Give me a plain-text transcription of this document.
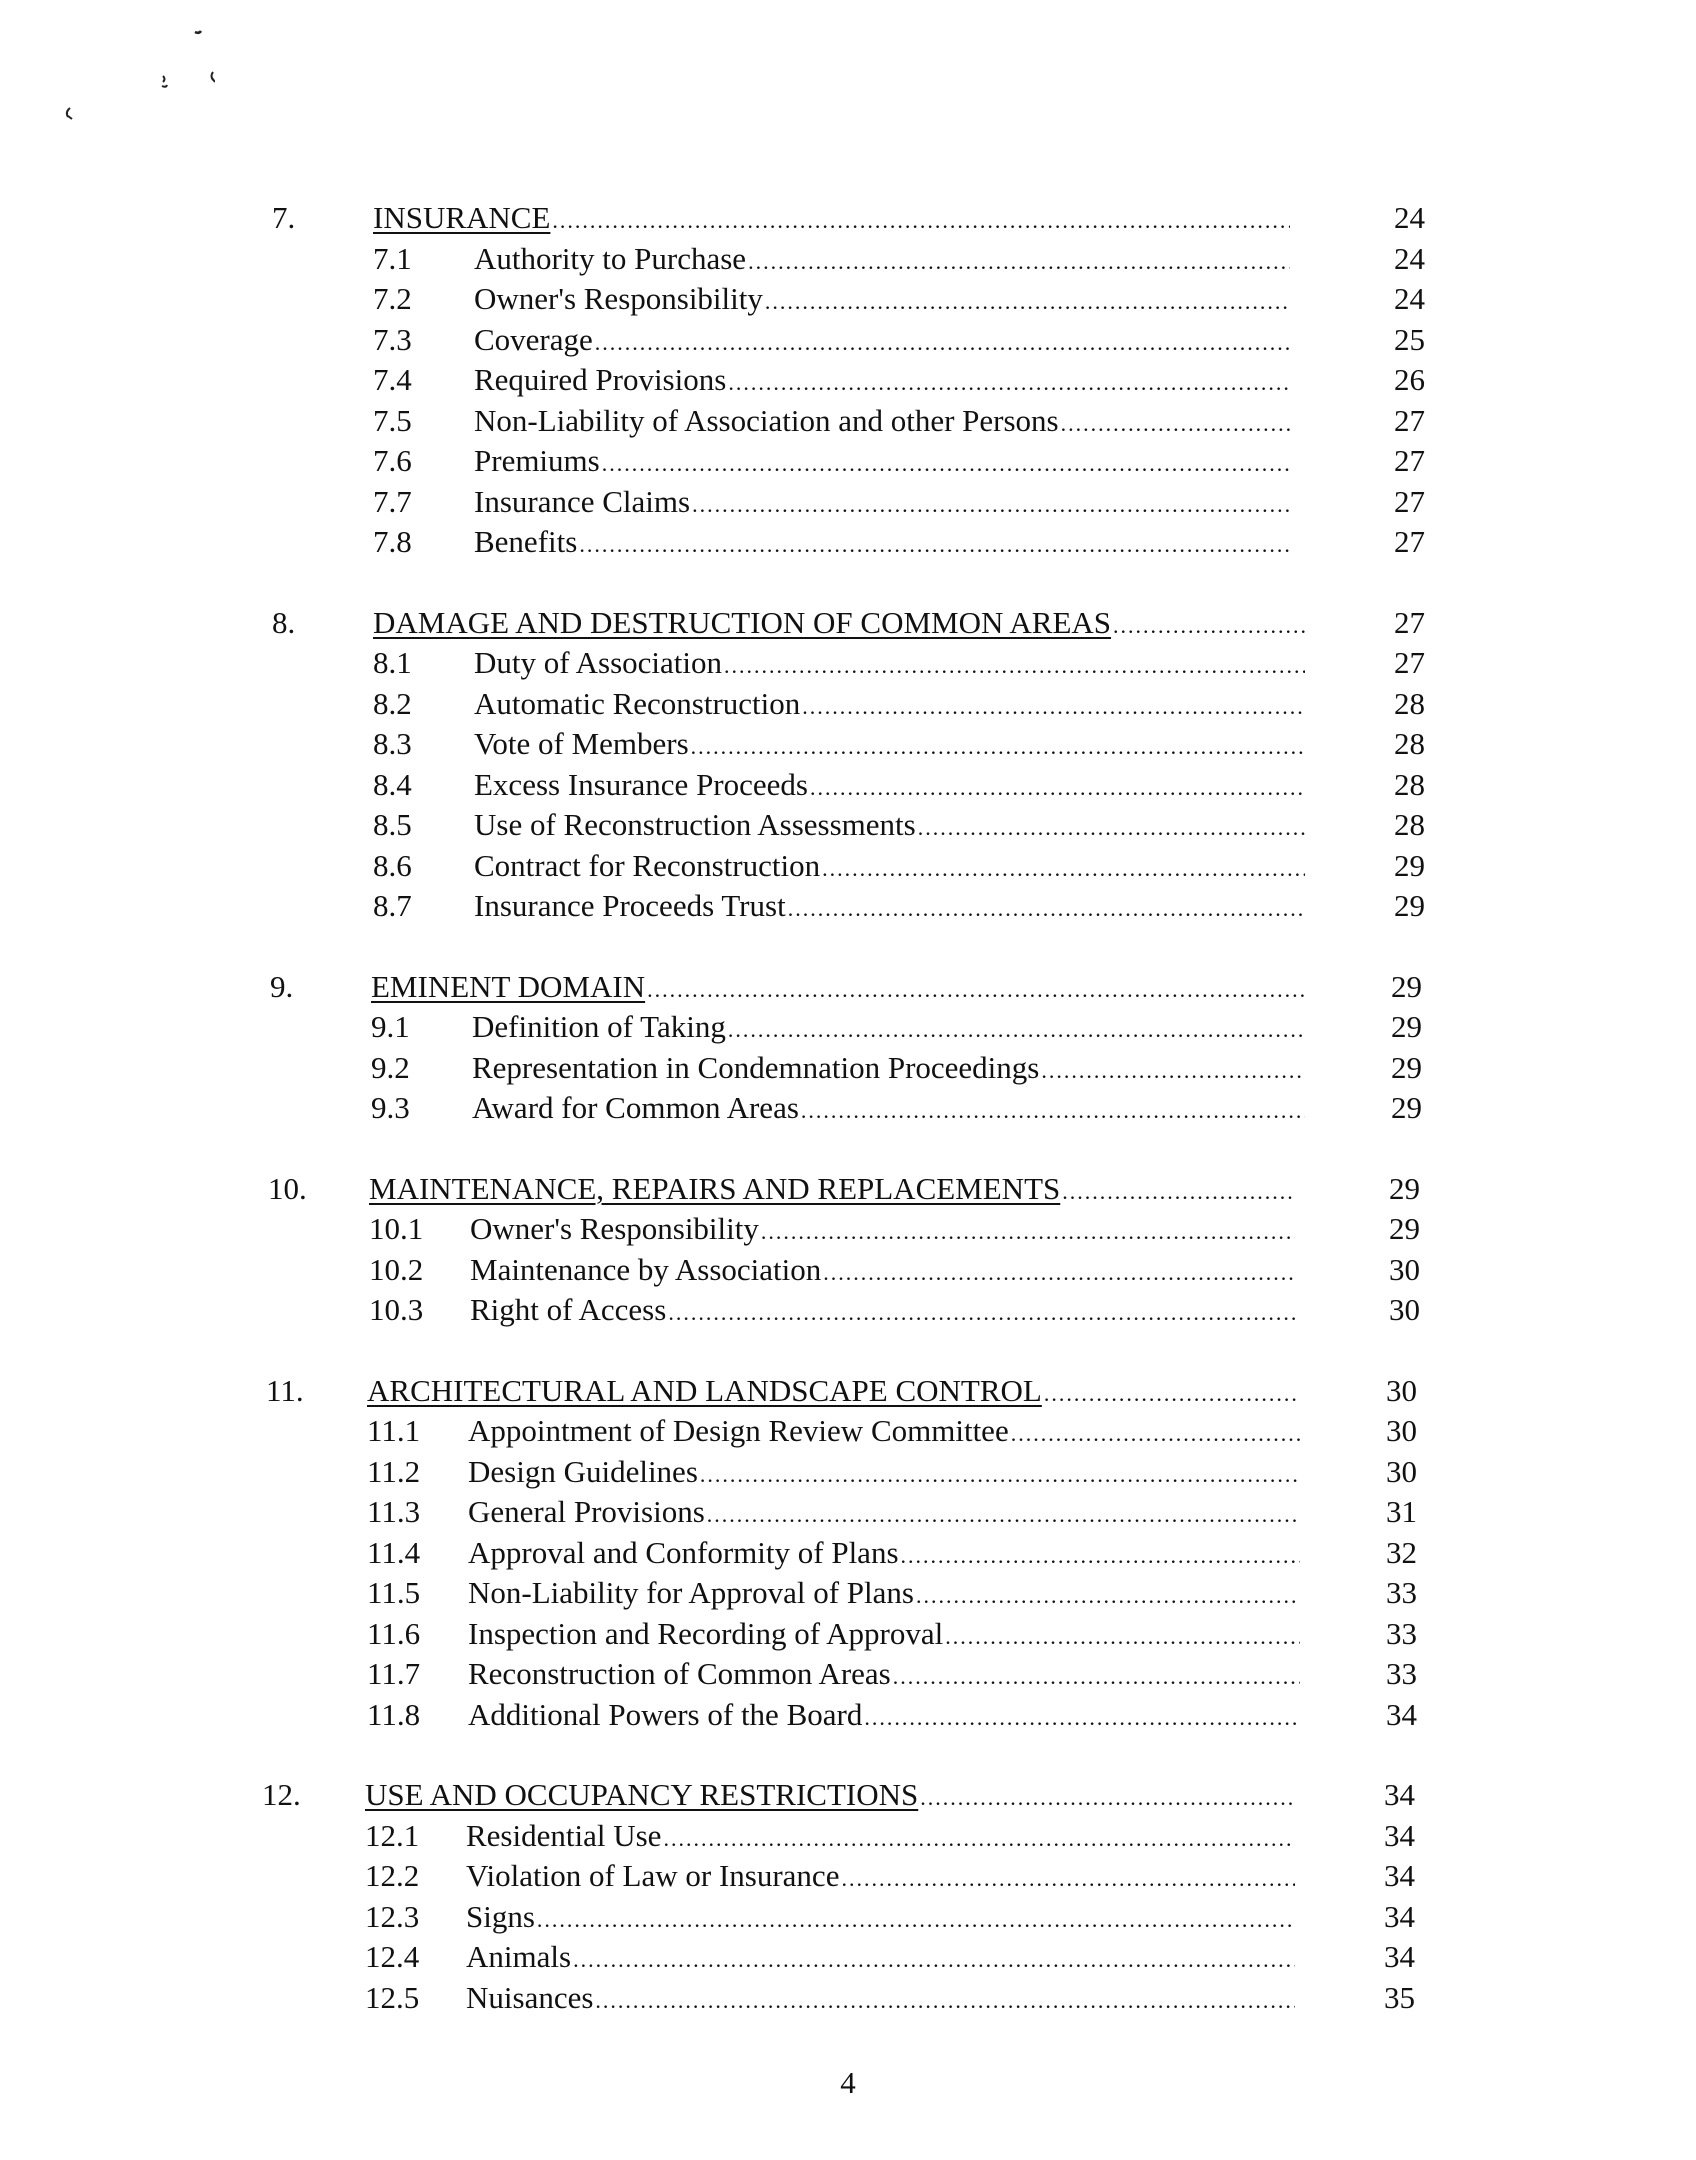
7.	INSURANCE .....	24
7.1 Authority to Purchase .....	24
7.2 Owner's Responsibility .....	24
7.3 Coverage .....	25
7.4 Required Provisions .....	26
7.5 Non-Liability of Association and other Persons .....	27
7.6 Premiums .....	27
7.7 Insurance Claims .....	27
7.8 Benefits .....	27
8.	DAMAGE AND DESTRUCTION OF COMMON AREAS .....	27
8.1 Duty of Association .....	27
8.2 Automatic Reconstruction .....	28
8.3 Vote of Members .....	28
8.4 Excess Insurance Proceeds .....	28
8.5 Use of Reconstruction Assessments .....	28
8.6 Contract for Reconstruction .....	29
8.7 Insurance Proceeds Trust .....	29
9.	EMINENT DOMAIN .....	29
9.1 Definition of Taking .....	29
9.2 Representation in Condemnation Proceedings .....	29
9.3 Award for Common Areas .....	29
10. MAINTENANCE, REPAIRS AND REPLACEMENTS .....	29
10.1 Owner's Responsibility .....	29
10.2 Maintenance by Association .....	30
10.3 Right of Access .....	30
11. ARCHITECTURAL AND LANDSCAPE CONTROL .....	30
11.1 Appointment of Design Review Committee .....	30
11.2 Design Guidelines .....	30
11.3 General Provisions .....	31
11.4 Approval and Conformity of Plans .....	32
11.5 Non-Liability for Approval of Plans .....	33
11.6 Inspection and Recording of Approval .....	33
11.7 Reconstruction of Common Areas .....	33
11.8 Additional Powers of the Board .....	34
12. USE AND OCCUPANCY RESTRICTIONS .....	34
12.1 Residential Use .....	34
12.2 Violation of Law or Insurance .....	34
12.3 Signs .....	34
12.4 Animals .....	34
12.5 Nuisances .....	35
4
